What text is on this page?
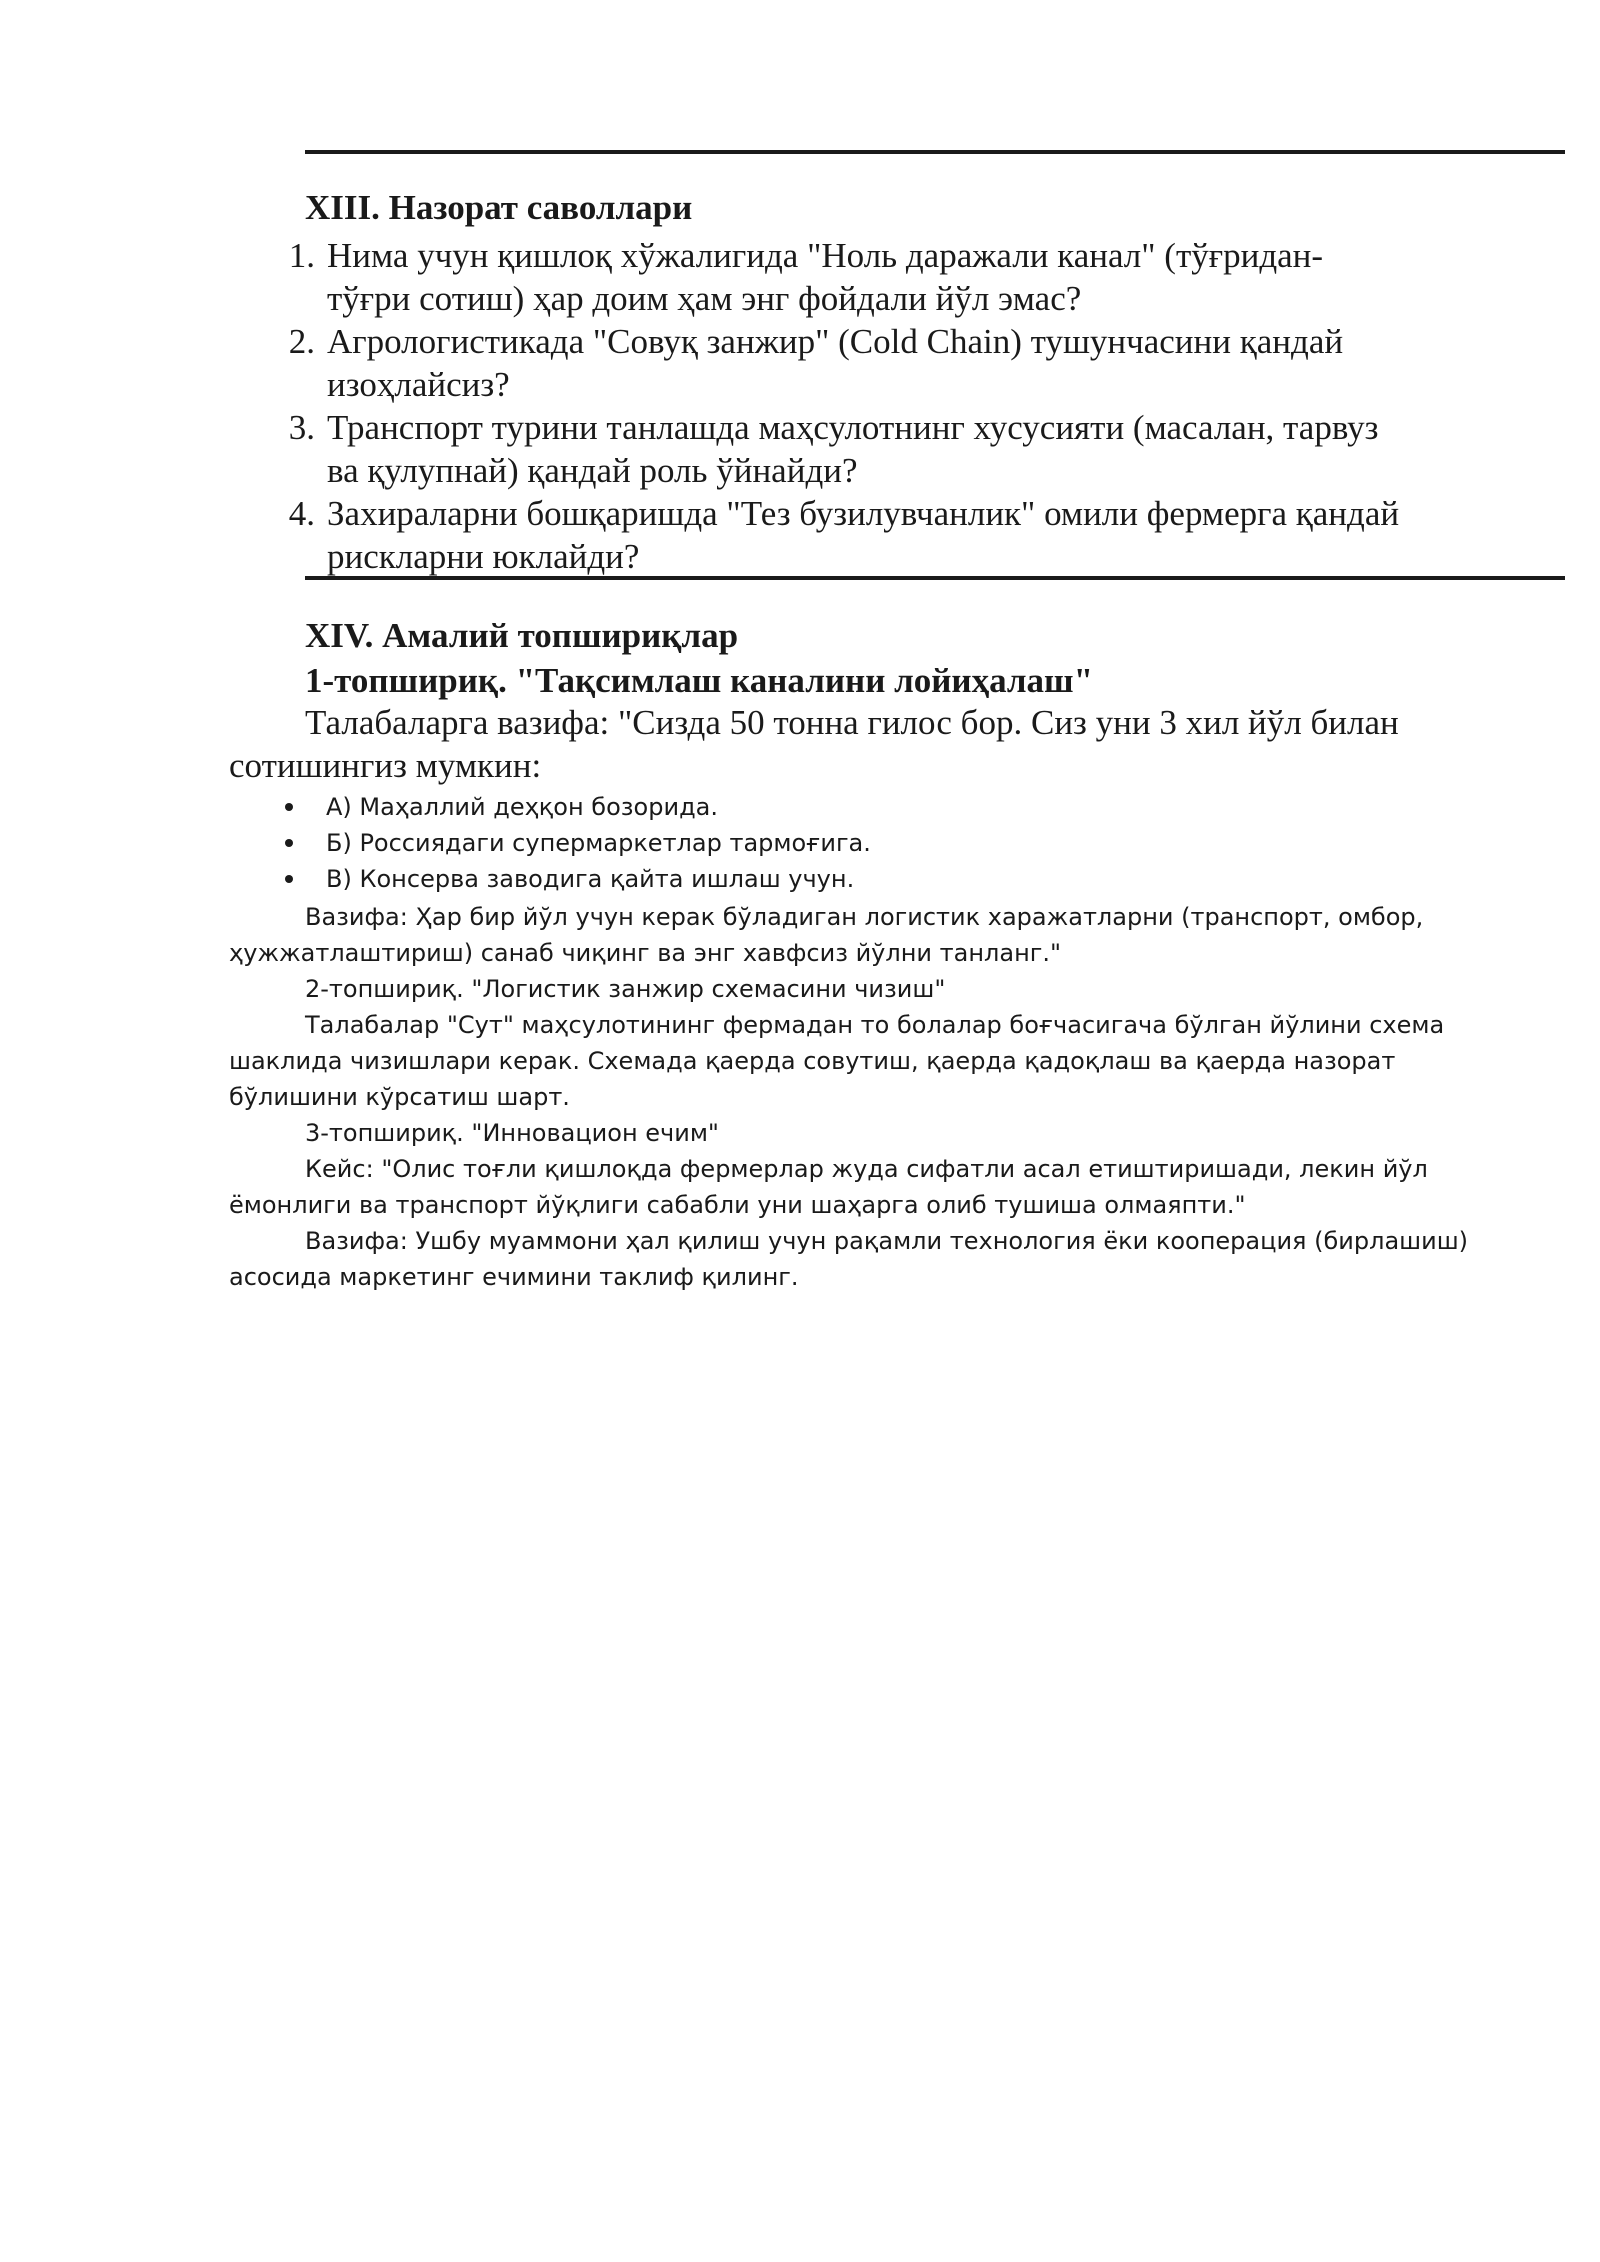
XIII. Назорат саволлари
1. Нима учун қишлоқ хўжалигида "Ноль даражали канал" (тўғридан-
тўғри сотиш) ҳар доим ҳам энг фойдали йўл эмас?
2. Агрологистикада "Совуқ занжир" (Cold Chain) тушунчасини қандай
изоҳлайсиз?
3. Транспорт турини танлашда маҳсулотнинг хусусияти (масалан, тарвуз
ва қулупнай) қандай роль ўйнайди?
4. Захираларни бошқаришда "Тез бузилувчанлик" омили фермерга қандай
рискларни юклайди?
XIV. Амалий топшириқлар
1-топшириқ. "Тақсимлаш каналини лойиҳалаш"
Талабаларга вазифа: "Сизда 50 тонна гилос бор. Сиз уни 3 хил йўл билан
сотишингиз мумкин:
А) Маҳаллий деҳқон бозорида.
Б) Россиядаги супермаркетлар тармоғига.
В) Консерва заводига қайта ишлаш учун.
Вазифа: Ҳар бир йўл учун керак бўладиган логистик харажатларни (транспорт, омбор,
ҳужжатлаштириш) санаб чиқинг ва энг хавфсиз йўлни танланг."
2-топшириқ. "Логистик занжир схемасини чизиш"
Талабалар "Сут" маҳсулотининг фермадан то болалар боғчасигача бўлган йўлини схема
шаклида чизишлари керак. Схемада қаерда совутиш, қаерда қадоқлаш ва қаерда назорат
бўлишини кўрсатиш шарт.
3-топшириқ. "Инновацион ечим"
Кейс: "Олис тоғли қишлоқда фермерлар жуда сифатли асал етиштиришади, лекин йўл
ёмонлиги ва транспорт йўқлиги сабабли уни шаҳарга олиб тушиша олмаяпти."
Вазифа: Ушбу муаммони ҳал қилиш учун рақамли технология ёки кооперация (бирлашиш)
асосида маркетинг ечимини таклиф қилинг.
